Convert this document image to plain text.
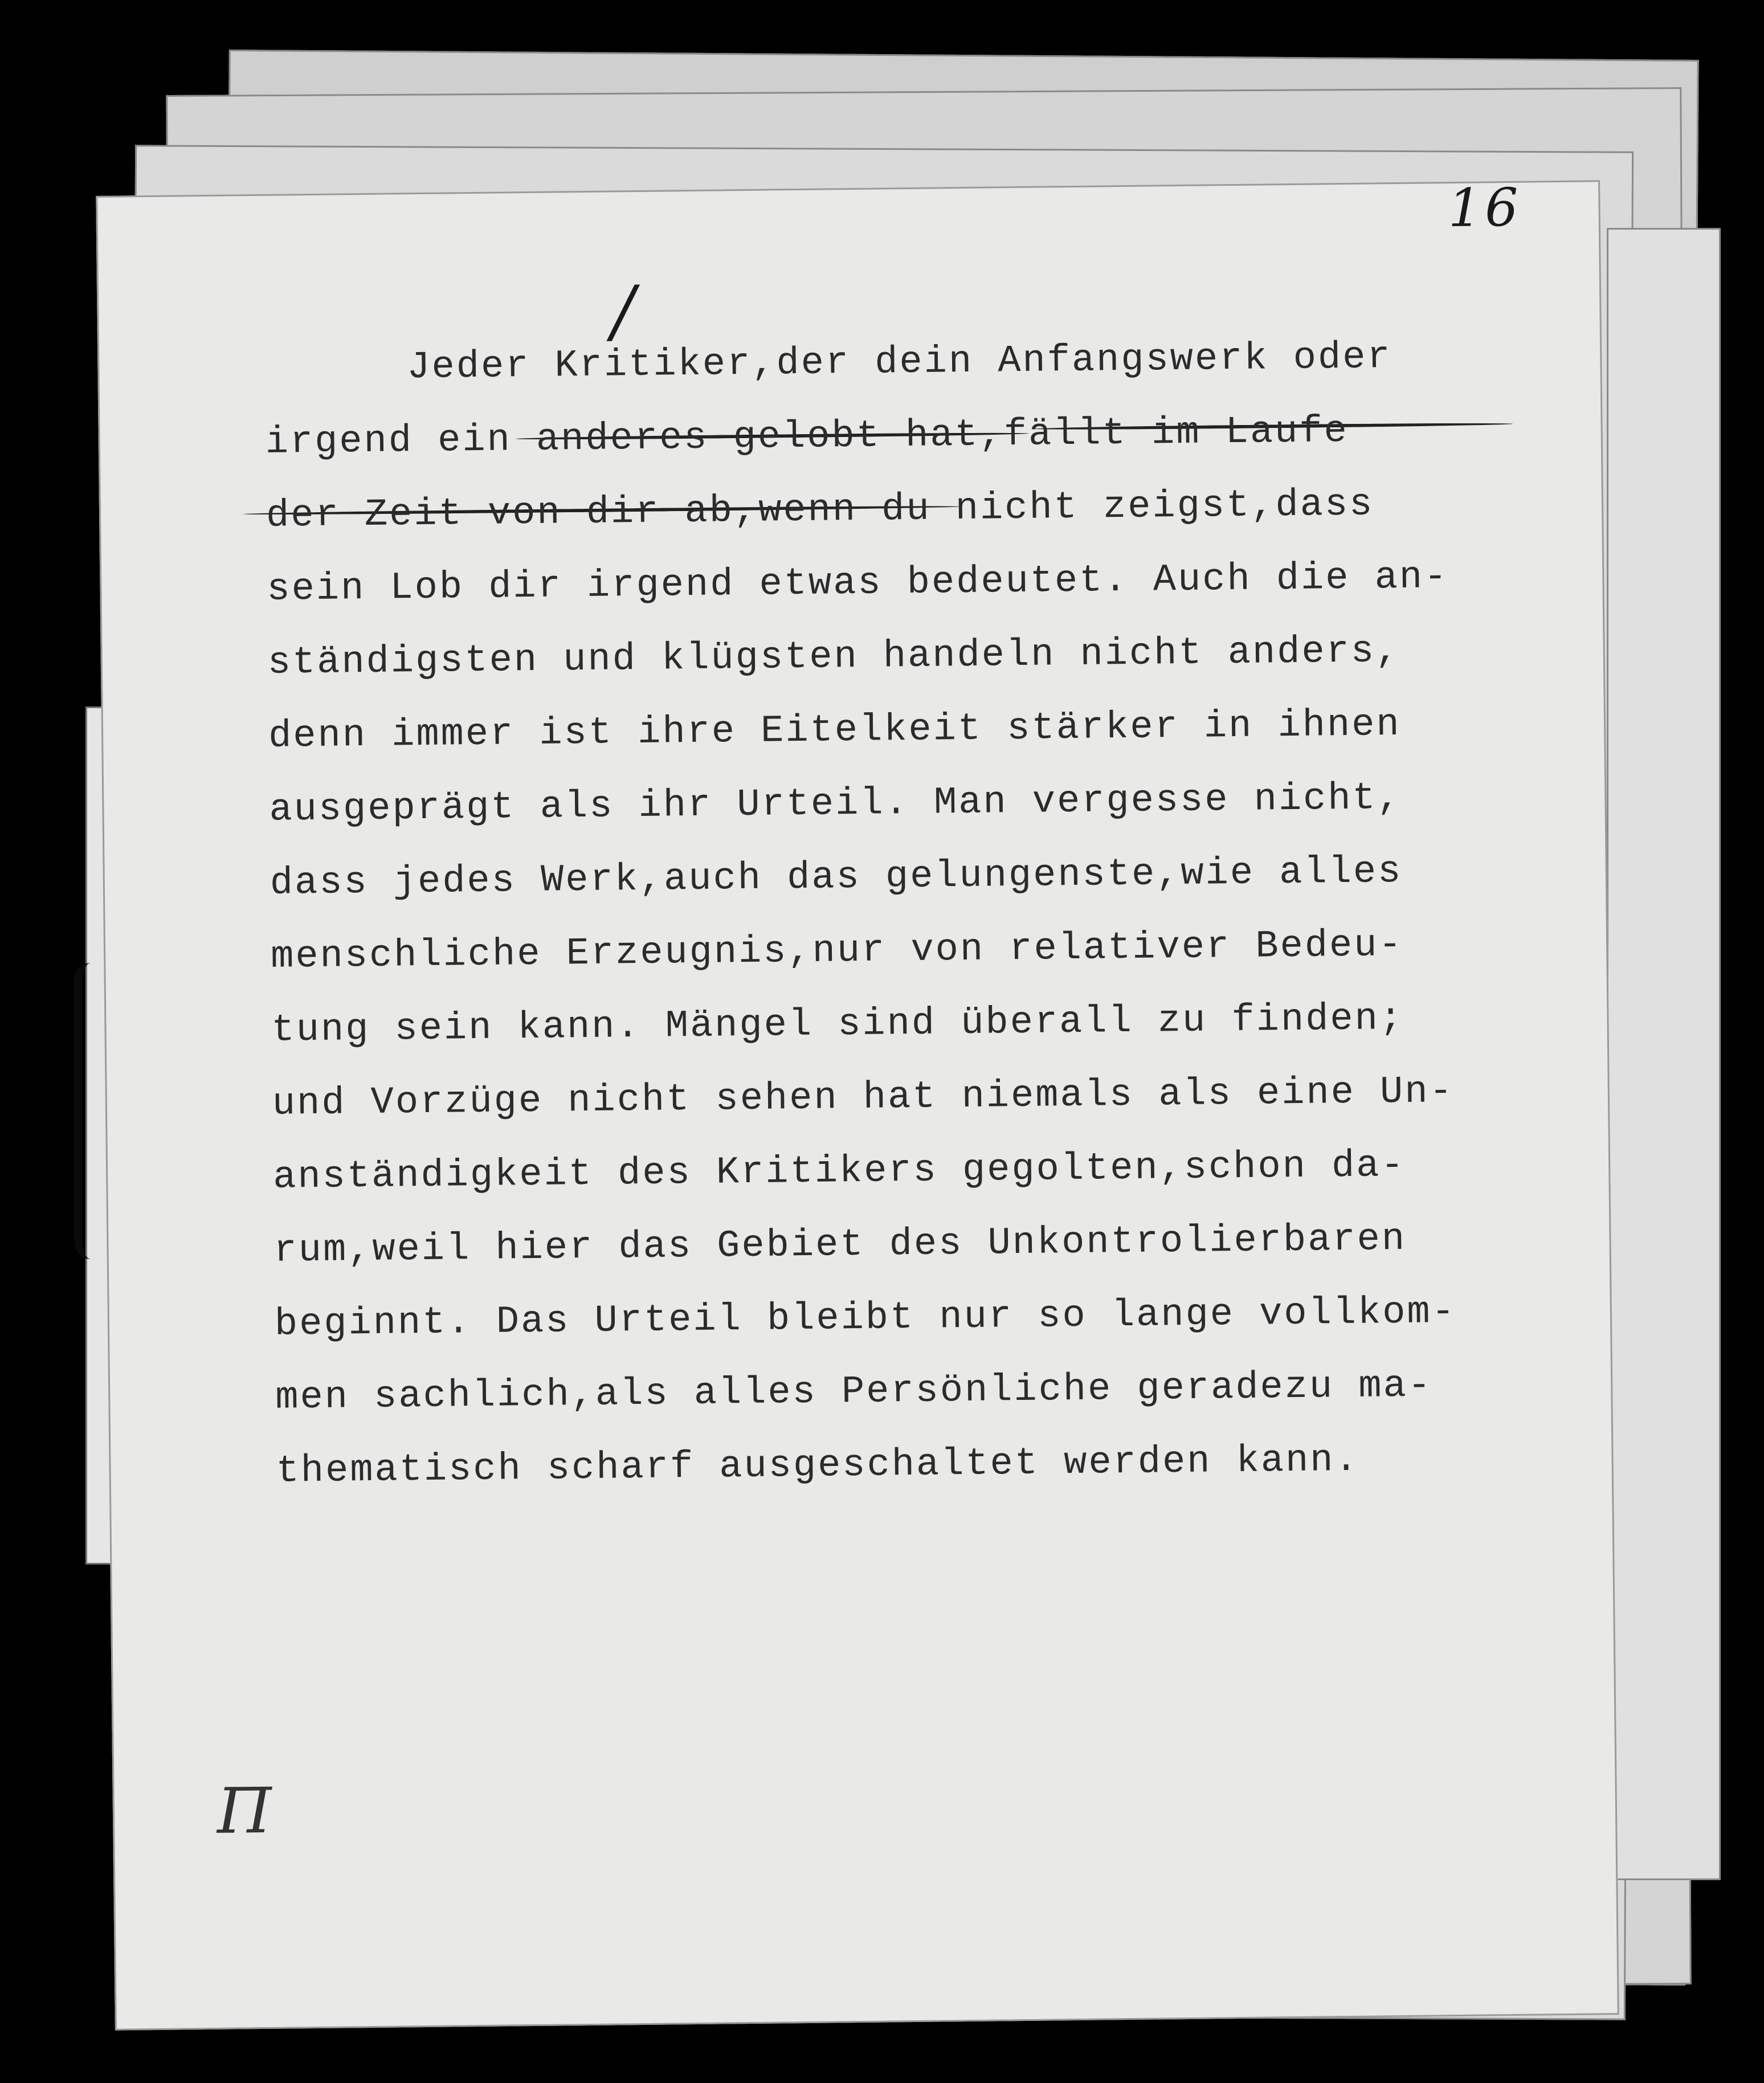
16
/
П
Jeder Kritiker,der dein Anfangswerk oder
irgend ein anderes gelobt hat,fällt im Laufe
der Zeit von dir ab,wenn du nicht zeigst,dass
sein Lob dir irgend etwas bedeutet. Auch die an-
ständigsten und klügsten handeln nicht anders,
denn immer ist ihre Eitelkeit stärker in ihnen
ausgeprägt als ihr Urteil. Man vergesse nicht,
dass jedes Werk,auch das gelungenste,wie alles
menschliche Erzeugnis,nur von relativer Bedeu-
tung sein kann. Mängel sind überall zu finden;
und Vorzüge nicht sehen hat niemals als eine Un-
anständigkeit des Kritikers gegolten,schon da-
rum,weil hier das Gebiet des Unkontrolierbaren
beginnt. Das Urteil bleibt nur so lange vollkom-
men sachlich,als alles Persönliche geradezu ma-
thematisch scharf ausgeschaltet werden kann.
